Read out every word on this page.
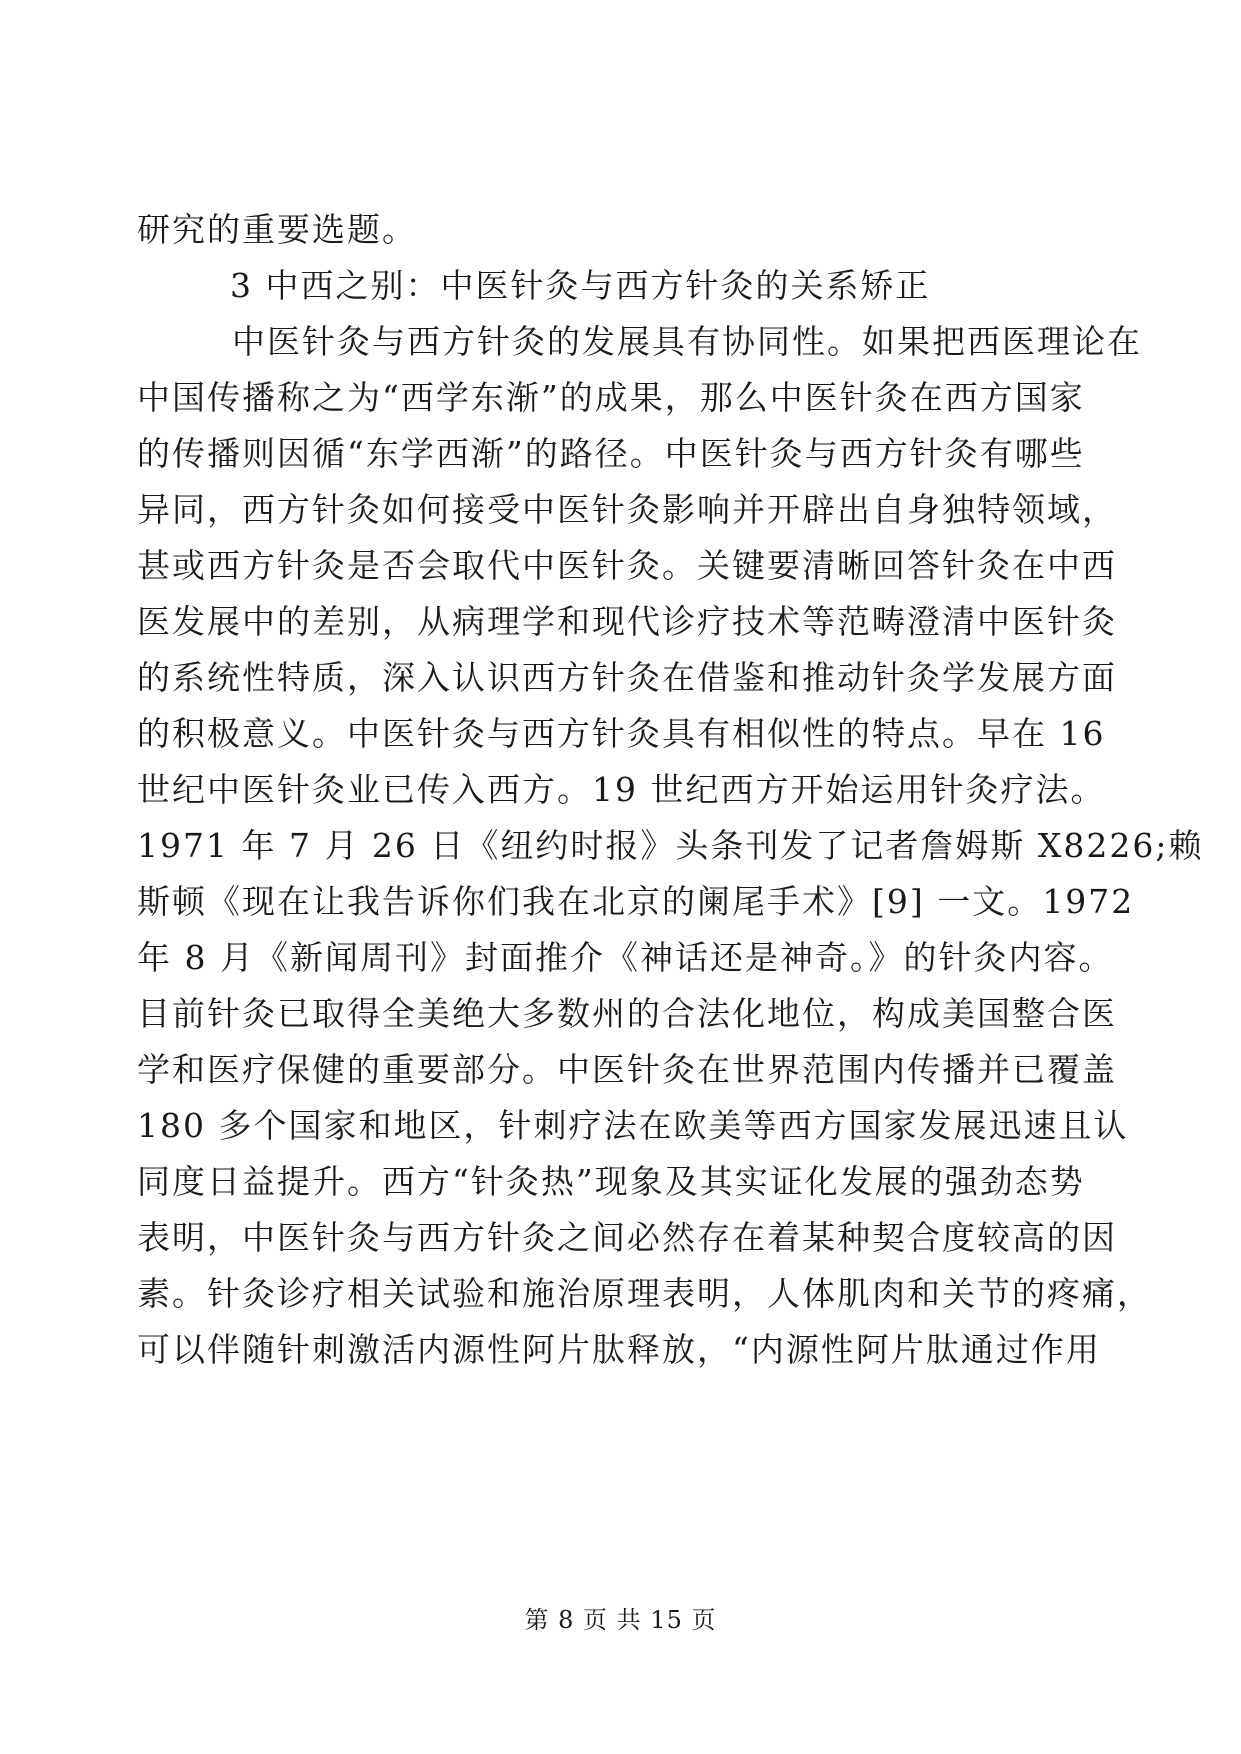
研究的重要选题。
3 中西之别：中医针灸与西方针灸的关系矫正
中医针灸与西方针灸的发展具有协同性。如果把西医理论在
中国传播称之为“西学东渐”的成果，那么中医针灸在西方国家
的传播则因循“东学西渐”的路径。中医针灸与西方针灸有哪些
异同，西方针灸如何接受中医针灸影响并开辟出自身独特领域，
甚或西方针灸是否会取代中医针灸。关键要清晰回答针灸在中西
医发展中的差别，从病理学和现代诊疗技术等范畴澄清中医针灸
的系统性特质，深入认识西方针灸在借鉴和推动针灸学发展方面
的积极意义。中医针灸与西方针灸具有相似性的特点。早在 16
世纪中医针灸业已传入西方。19 世纪西方开始运用针灸疗法。
1971 年 7 月 26 日《纽约时报》头条刊发了记者詹姆斯 X8226;赖
斯顿《现在让我告诉你们我在北京的阑尾手术》[9] 一文。1972
年 8 月《新闻周刊》封面推介《神话还是神奇。》的针灸内容。
目前针灸已取得全美绝大多数州的合法化地位，构成美国整合医
学和医疗保健的重要部分。中医针灸在世界范围内传播并已覆盖
180 多个国家和地区，针刺疗法在欧美等西方国家发展迅速且认
同度日益提升。西方“针灸热”现象及其实证化发展的强劲态势
表明，中医针灸与西方针灸之间必然存在着某种契合度较高的因
素。针灸诊疗相关试验和施治原理表明，人体肌肉和关节的疼痛，
可以伴随针刺激活内源性阿片肽释放，“内源性阿片肽通过作用
第 8 页 共 15 页
